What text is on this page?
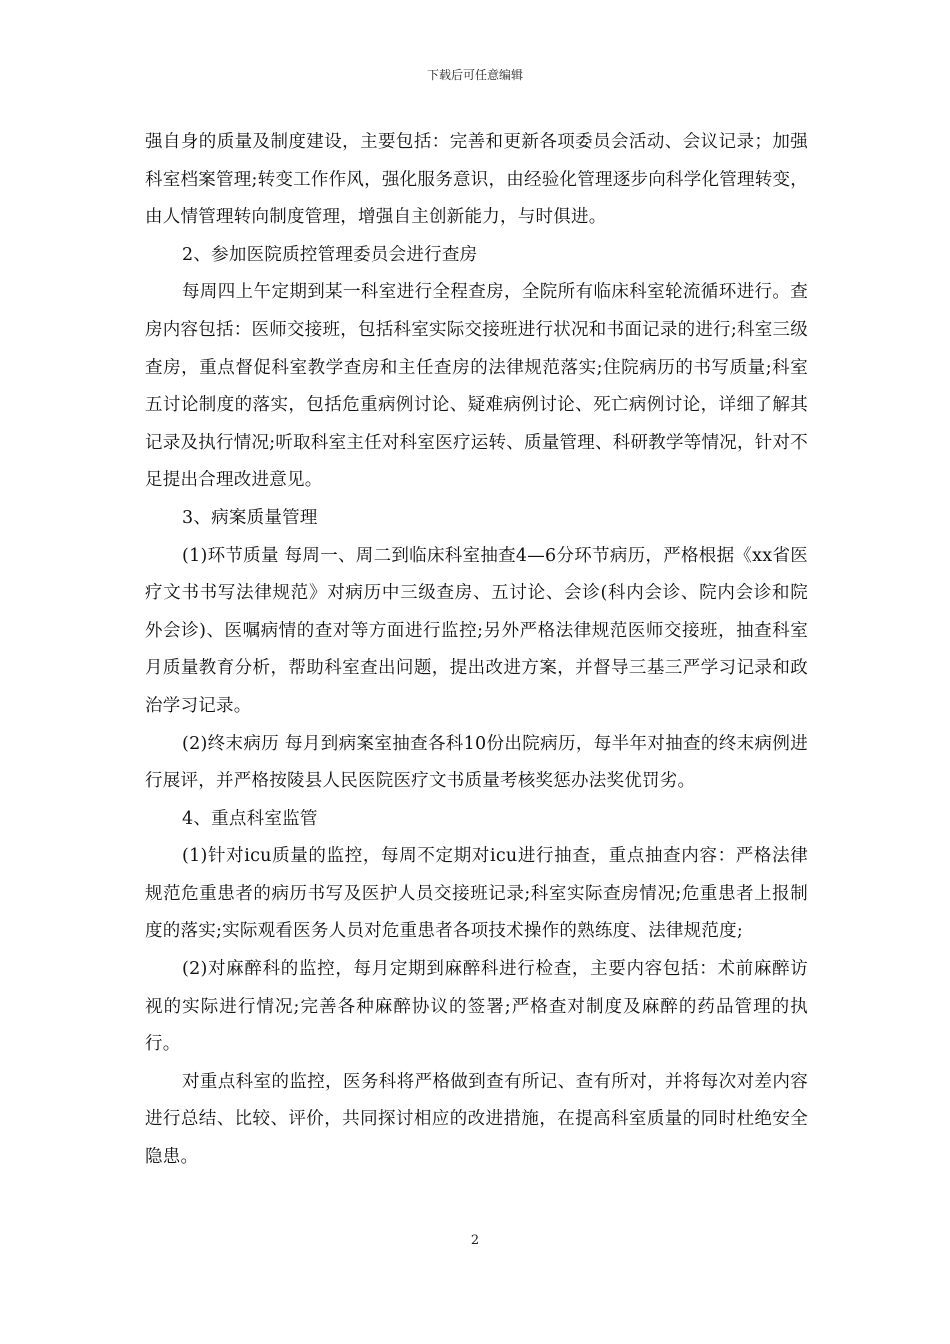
下载后可任意编辑

强自身的质量及制度建设，主要包括：完善和更新各项委员会活动、会议记录；加强科室档案管理;转变工作作风，强化服务意识，由经验化管理逐步向科学化管理转变，由人情管理转向制度管理，增强自主创新能力，与时俱进。

2、参加医院质控管理委员会进行查房

每周四上午定期到某一科室进行全程查房，全院所有临床科室轮流循环进行。查房内容包括：医师交接班，包括科室实际交接班进行状况和书面记录的进行;科室三级查房，重点督促科室教学查房和主任查房的法律规范落实;住院病历的书写质量;科室五讨论制度的落实，包括危重病例讨论、疑难病例讨论、死亡病例讨论，详细了解其记录及执行情况;听取科室主任对科室医疗运转、质量管理、科研教学等情况，针对不足提出合理改进意见。

3、病案质量管理

(1)环节质量 每周一、周二到临床科室抽查4—6分环节病历，严格根据《xx省医疗文书书写法律规范》对病历中三级查房、五讨论、会诊(科内会诊、院内会诊和院外会诊)、医嘱病情的查对等方面进行监控;另外严格法律规范医师交接班，抽查科室月质量教育分析，帮助科室查出问题，提出改进方案，并督导三基三严学习记录和政治学习记录。

(2)终末病历 每月到病案室抽查各科10份出院病历，每半年对抽查的终末病例进行展评，并严格按陵县人民医院医疗文书质量考核奖惩办法奖优罚劣。

4、重点科室监管

(1)针对icu质量的监控，每周不定期对icu进行抽查，重点抽查内容：严格法律规范危重患者的病历书写及医护人员交接班记录;科室实际查房情况;危重患者上报制度的落实;实际观看医务人员对危重患者各项技术操作的熟练度、法律规范度;

(2)对麻醉科的监控，每月定期到麻醉科进行检查，主要内容包括：术前麻醉访视的实际进行情况;完善各种麻醉协议的签署;严格查对制度及麻醉的药品管理的执行。

对重点科室的监控，医务科将严格做到查有所记、查有所对，并将每次对差内容进行总结、比较、评价，共同探讨相应的改进措施，在提高科室质量的同时杜绝安全隐患。

2
